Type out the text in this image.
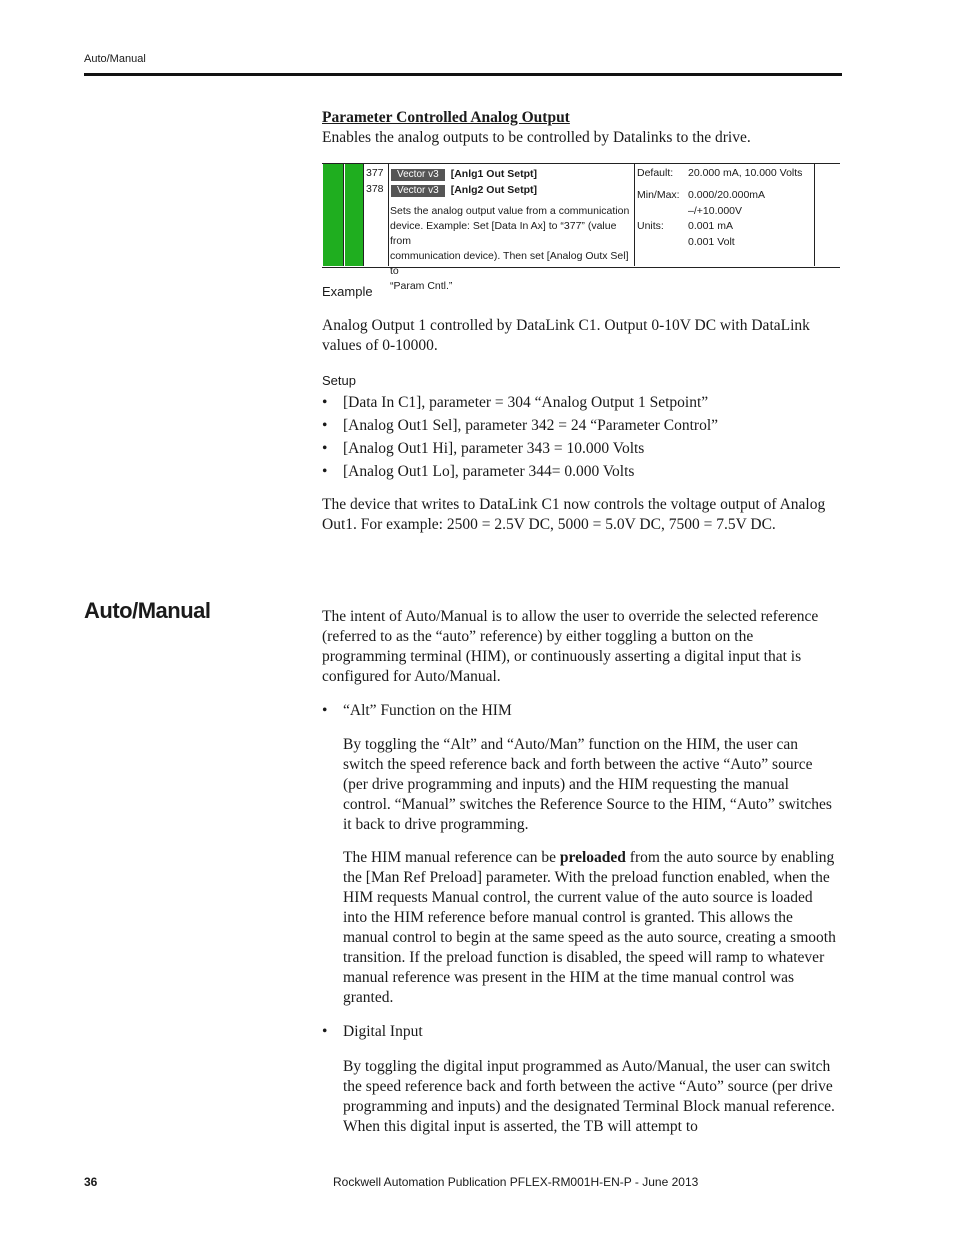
Auto/Manual

Parameter Controlled Analog Output

Enables the analog outputs to be controlled by Datalinks to the drive.

377
378
Vector v3 [Anlg1 Out Setpt]
Vector v3 [Anlg2 Out Setpt]
Sets the analog output value from a communication
device. Example: Set [Data In Ax] to “377” (value from
communication device). Then set [Analog Outx Sel] to
“Param Cntl.”
Default: 20.000 mA, 10.000 Volts
Min/Max: 0.000/20.000mA
–/+10.000V
Units: 0.001 mA
0.001 Volt

Example

Analog Output 1 controlled by DataLink C1. Output 0-10V DC with DataLink values of 0-10000.

Setup

• [Data In C1], parameter = 304 “Analog Output 1 Setpoint”
• [Analog Out1 Sel], parameter 342 = 24 “Parameter Control”
• [Analog Out1 Hi], parameter 343 = 10.000 Volts
• [Analog Out1 Lo], parameter 344= 0.000 Volts

The device that writes to DataLink C1 now controls the voltage output of Analog Out1. For example: 2500 = 2.5V DC, 5000 = 5.0V DC, 7500 = 7.5V DC.

Auto/Manual	The intent of Auto/Manual is to allow the user to override the selected reference (referred to as the “auto” reference) by either toggling a button on the programming terminal (HIM), or continuously asserting a digital input that is configured for Auto/Manual.

• “Alt” Function on the HIM

By toggling the “Alt” and “Auto/Man” function on the HIM, the user can switch the speed reference back and forth between the active “Auto” source (per drive programming and inputs) and the HIM requesting the manual control. “Manual” switches the Reference Source to the HIM, “Auto” switches it back to drive programming.

The HIM manual reference can be preloaded from the auto source by enabling the [Man Ref Preload] parameter. With the preload function enabled, when the HIM requests Manual control, the current value of the auto source is loaded into the HIM reference before manual control is granted. This allows the manual control to begin at the same speed as the auto source, creating a smooth transition. If the preload function is disabled, the speed will ramp to whatever manual reference was present in the HIM at the time manual control was granted.

• Digital Input

By toggling the digital input programmed as Auto/Manual, the user can switch the speed reference back and forth between the active “Auto” source (per drive programming and inputs) and the designated Terminal Block manual reference. When this digital input is asserted, the TB will attempt to

36	Rockwell Automation Publication PFLEX-RM001H-EN-P - June 2013
